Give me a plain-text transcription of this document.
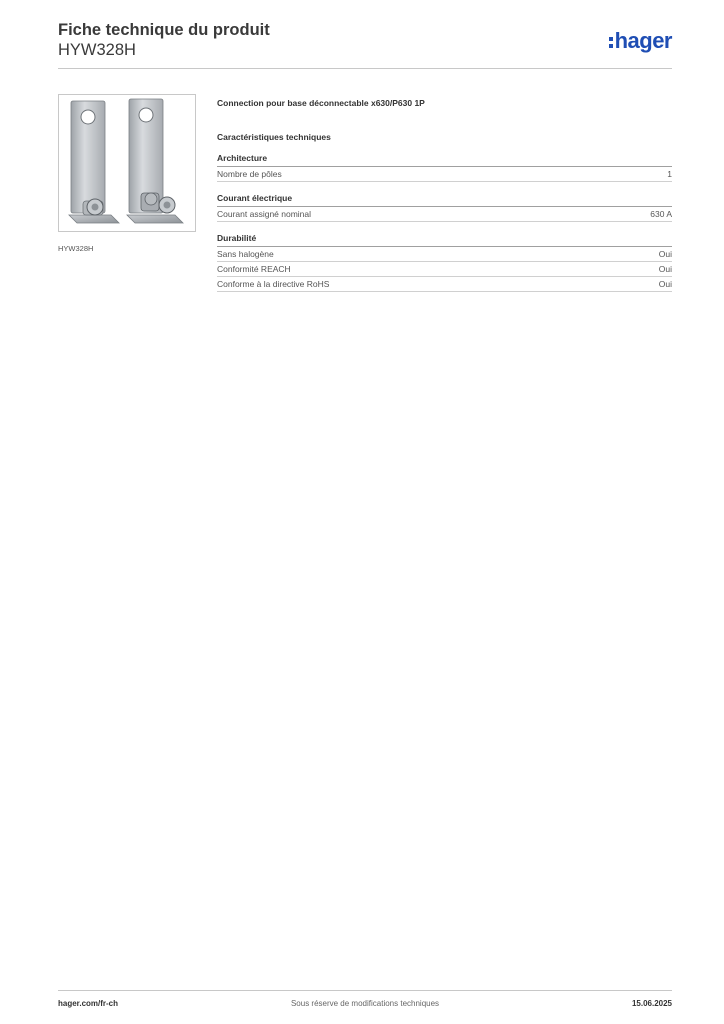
Fiche technique du produit
HYW328H	hager
HYW328H
Connection pour base déconnectable x630/P630 1P
Caractéristiques techniques
Architecture
Nombre de pôles	1
Courant électrique
Courant assigné nominal	630 A
Durabilité
Sans halogène	Oui
Conformité REACH	Oui
Conforme à la directive RoHS	Oui
hager.com/fr-ch	Sous réserve de modifications techniques	15.06.2025
